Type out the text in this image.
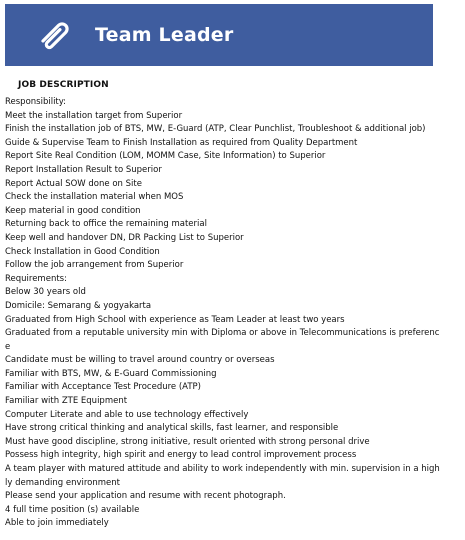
Team Leader
JOB DESCRIPTION
Responsibility:
Meet the installation target from Superior
Finish the installation job of BTS, MW, E-Guard (ATP, Clear Punchlist, Troubleshoot & additional job)
Guide & Supervise Team to Finish Installation as required from Quality Department
Report Site Real Condition (LOM, MOMM Case, Site Information) to Superior
Report Installation Result to Superior
Report Actual SOW done on Site
Check the installation material when MOS
Keep material in good condition
Returning back to office the remaining material
Keep well and handover DN, DR Packing List to Superior
Check Installation in Good Condition
Follow the job arrangement from Superior
Requirements:
Below 30 years old
Domicile: Semarang & yogyakarta
Graduated from High School with experience as Team Leader at least two years
Graduated from a reputable university min with Diploma or above in Telecommunications is preference
Candidate must be willing to travel around country or overseas
Familiar with BTS, MW, & E-Guard Commissioning
Familiar with Acceptance Test Procedure (ATP)
Familiar with ZTE Equipment
Computer Literate and able to use technology effectively
Have strong critical thinking and analytical skills, fast learner, and responsible
Must have good discipline, strong initiative, result oriented with strong personal drive
Possess high integrity, high spirit and energy to lead control improvement process
A team player with matured attitude and ability to work independently with min. supervision in a highly demanding environment
Please send your application and resume with recent photograph.
4 full time position (s) available
Able to join immediately
